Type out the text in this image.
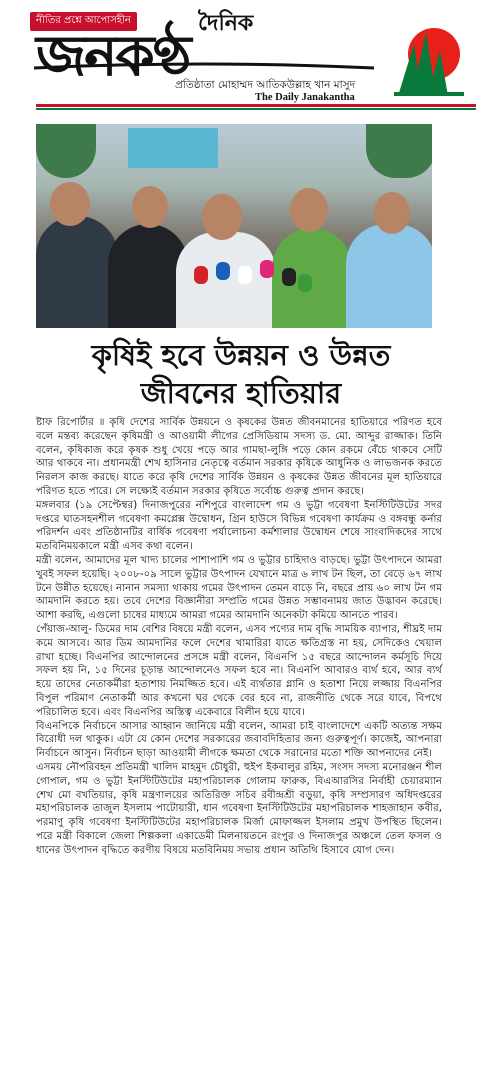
নীতির প্রশ্নে আপোসহীন	দৈনিক
জনকণ্ঠ
প্রতিষ্ঠাতা মোহাম্মদ আতিকউল্লাহ খান মাসুদ
The Daily Janakantha
কৃষিই হবে উন্নয়ন ও উন্নত
জীবনের হাতিয়ার

ষ্টাফ রিপোর্টার ॥ কৃষি দেশের সার্বিক উন্নয়নে ও কৃষকের উন্নত জীবনমানের হাতিয়ারে পরিণত হবে বলে মন্তব্য করেছেন কৃষিমন্ত্রী ও আওয়ামী লীগের প্রেসিডিয়াম সদস্য ড. মো. আব্দুর রাজ্জাক। তিনি বলেন, কৃষিকাজ করে কৃষক শুধু খেয়ে পড়ে আর গামছা-লুঙ্গি পড়ে কোন রকমে বেঁচে থাকবে সেটি আর থাকবে না। প্রধানমন্ত্রী শেখ হাসিনার নেতৃত্বে বর্তমান সরকার কৃষিকে আধুনিক ও লাভজনক করতে নিরলস কাজ করছে। যাতে করে কৃষি দেশের সার্বিক উন্নয়ন ও কৃষকের উন্নত জীবনের মূল হাতিয়ারে পরিণত হতে পারে। সে লক্ষ্যেই বর্তমান সরকার কৃষিতে সর্বোচ্চ গুরুত্ব প্রদান করছে।

মঙ্গলবার (১৯ সেপ্টেম্বর) দিনাজপুরের নশিপুরে বাংলাদেশ গম ও ভুট্টা গবেষণা ইনস্টিটিউটের সদর দপ্তরে ঘাতসহনশীল গবেষণা কমপ্লেক্স উদ্বোধন, গ্রিন হাউসে বিভিন্ন গবেষণা কার্যক্রম ও বঙ্গবন্ধু কর্নার পরিদর্শন এবং প্রতিষ্ঠানটির বার্ষিক গবেষণা পর্যালোচনা কর্মশালার উদ্বোধন শেষে সাংবাদিকদের সাথে মতবিনিময়কালে মন্ত্রী এসব কথা বলেন।

মন্ত্রী বলেন, আমাদের মূল খাদ্য চালের পাশাপাশি গম ও ভুট্টার চাহিদাও বাড়ছে। ভুট্টা উৎপাদনে আমরা খুবই সফল হয়েছি। ২০০৮-০৯ সালে ভুট্টার উৎপাদন যেখানে মাত্র ৬ লাখ টন ছিল, তা বেড়ে ৬৭ লাখ টনে উন্নীত হয়েছে। নানান সমস্যা থাকায় গমের উৎপাদন তেমন বাড়ে নি, বছরে প্রায় ৬০ লাখ টন গম আমদানি করতে হয়। তবে দেশের বিজ্ঞানীরা সম্প্রতি গমের উন্নত সম্ভাবনাময় জাত উদ্ভাবন করেছে। আশা করছি, এগুলো চাষের মাধ্যমে আমরা গমের আমদানি অনেকটা কমিয়ে আনতে পারব।

পেঁয়াজ-আলু- ডিমের দাম বেশির বিষয়ে মন্ত্রী বলেন, এসব পণ্যের দাম বৃদ্ধি সাময়িক ব্যাপার, শীঘ্রই দাম কমে আসবে। আর ডিম আমদানির ফলে দেশের খামারিরা যাতে ক্ষতিগ্রস্ত না হয়, সেদিকেও খেয়াল রাখা হচ্ছে। বিএনপির আন্দোলনের প্রসঙ্গে মন্ত্রী বলেন, বিএনপি ১৫ বছরে আন্দোলন কর্মসূচি দিয়ে সফল হয় নি, ১৫ দিনের চূড়ান্ত আন্দোলনেও সফল হবে না। বিএনপি আবারও ব্যর্থ হবে, আর ব্যর্থ হয়ে তাদের নেতাকর্মীরা হতাশায় নিমজ্জিত হবে। এই ব্যর্থতার গ্লানি ও হতাশা নিয়ে লজ্জায় বিএনপির বিপুল পরিমাণ নেতাকর্মী আর কখনো ঘর থেকে বের হবে না, রাজনীতি থেকে সরে যাবে, বিপথে পরিচালিত হবে। এবং বিএনপির অস্তিত্ব একেবারে বিলীন হয়ে যাবে।

বিএনপিকে নির্বাচনে আসার আহ্বান জানিয়ে মন্ত্রী বলেন, আমরা চাই বাংলাদেশে একটি অত্যন্ত সক্ষম বিরোধী দল থাকুক। এটা যে কোন দেশের সরকারের জবাবদিহিতার জন্য গুরুত্বপূর্ণ। কাজেই, আপনারা নির্বাচনে আসুন। নির্বাচন ছাড়া আওয়ামী লীগকে ক্ষমতা থেকে সরানোর মতো শক্তি আপনাদের নেই।

এসময় নৌপরিবহন প্রতিমন্ত্রী খালিদ মাহমুদ চৌধুরী, হুইপ ইকবালুর রহিম, সংসদ সদস্য মনোরঞ্জন শীল গোপাল, গম ও ভুট্টা ইনস্টিটিউটের মহাপরিচালক গোলাম ফারুক, বিএআরসির নির্বাহী চেয়ারম্যান শেখ মো বখতিয়ার, কৃষি মন্ত্রণালয়ের অতিরিক্ত সচিব রবীন্দ্রশ্রী বড়ুয়া, কৃষি সম্প্রসারণ অধিদপ্তরের মহাপরিচালক তাজুল ইসলাম পাটোয়ারী, ধান গবেষণা ইনস্টিটিউটের মহাপরিচালক শাহজাহান কবীর, পরমাণু কৃষি গবেষণা ইনস্টিটিউটের মহাপরিচালক মির্জা মোফাজ্জল ইসলাম প্রমুখ উপস্থিত ছিলেন। পরে মন্ত্রী বিকালে জেলা শিল্পকলা একাডেমী মিলনায়তনে রংপুর ও দিনাজপুর অঞ্চলে তেল ফসল ও ধানের উৎপাদন বৃদ্ধিতে করণীয় বিষয়ে মতবিনিময় সভায় প্রধান অতিথি হিসাবে যোগ দেন।
